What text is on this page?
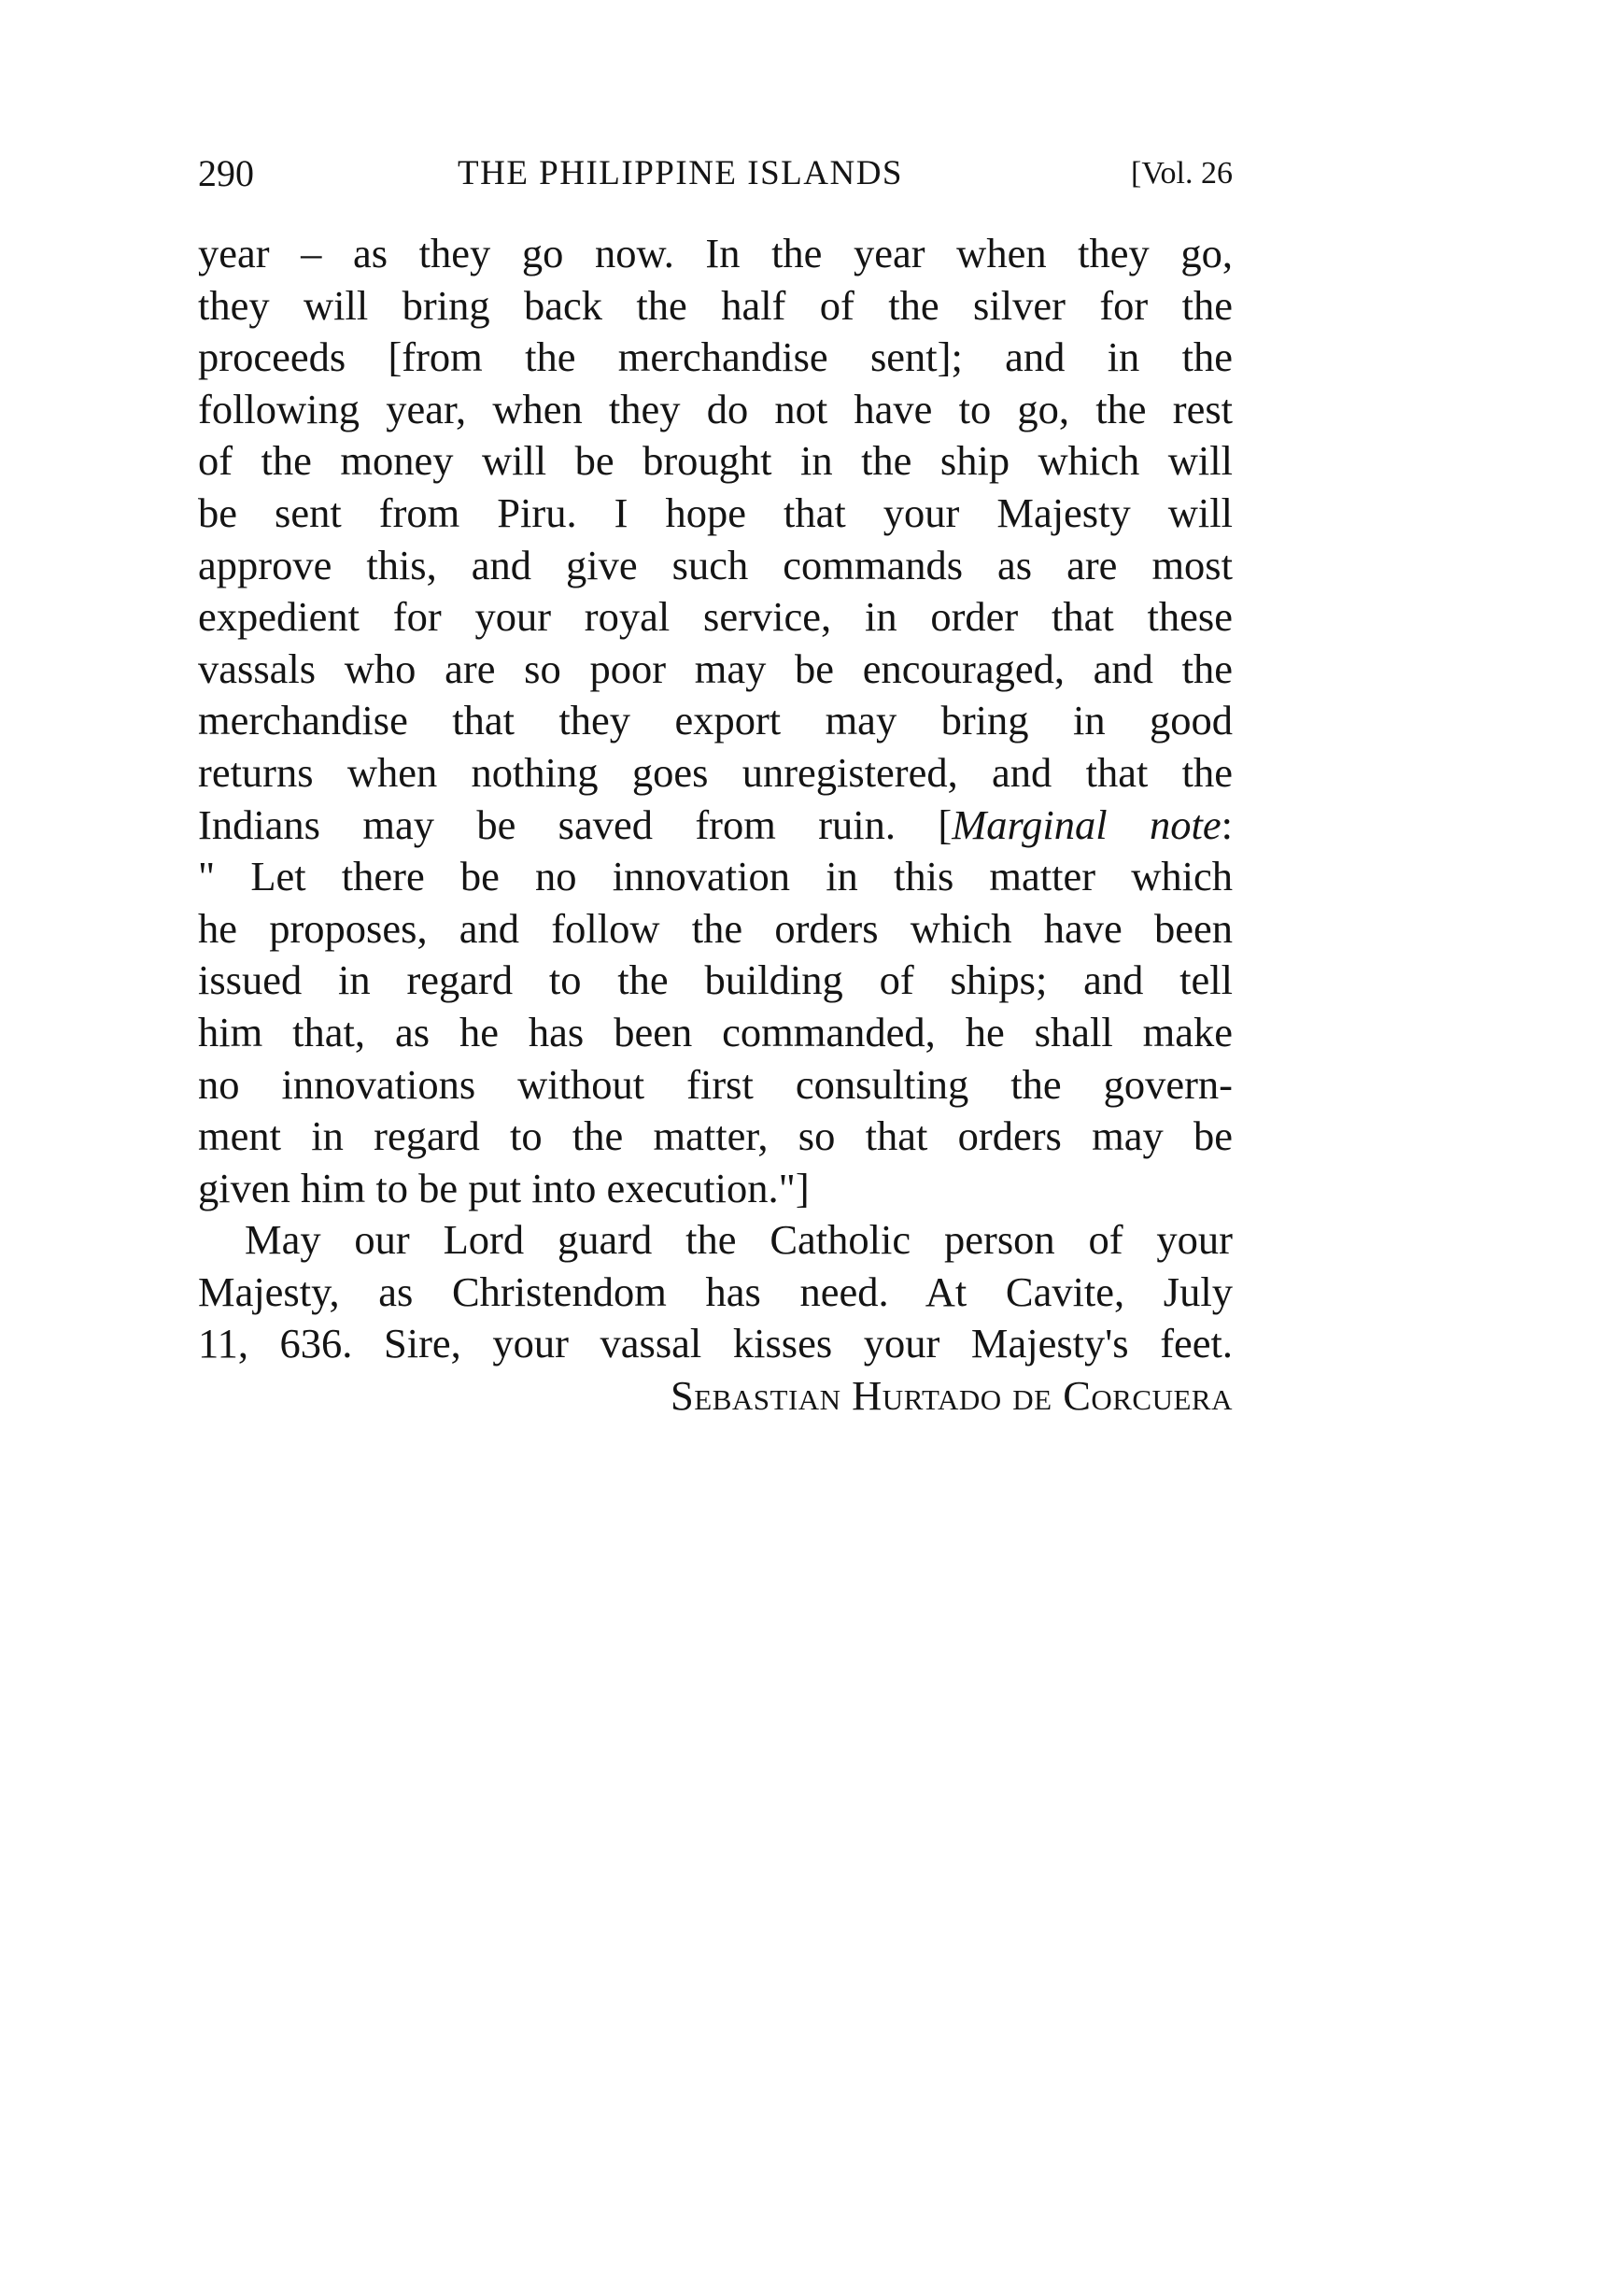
290	THE PHILIPPINE ISLANDS	[Vol. 26
year – as they go now. In the year when they go,
they will bring back the half of the silver for the
proceeds [from the merchandise sent]; and in the
following year, when they do not have to go, the rest
of the money will be brought in the ship which will
be sent from Piru. I hope that your Majesty will
approve this, and give such commands as are most
expedient for your royal service, in order that these
vassals who are so poor may be encouraged, and the
merchandise that they export may bring in good
returns when nothing goes unregistered, and that the
Indians may be saved from ruin. [Marginal note:
" Let there be no innovation in this matter which
he proposes, and follow the orders which have been
issued in regard to the building of ships; and tell
him that, as he has been commanded, he shall make
no innovations without first consulting the govern-
ment in regard to the matter, so that orders may be
given him to be put into execution."]
May our Lord guard the Catholic person of your
Majesty, as Christendom has need. At Cavite, July
11, 636. Sire, your vassal kisses your Majesty's feet.
Sebastian Hurtado de Corcuera
